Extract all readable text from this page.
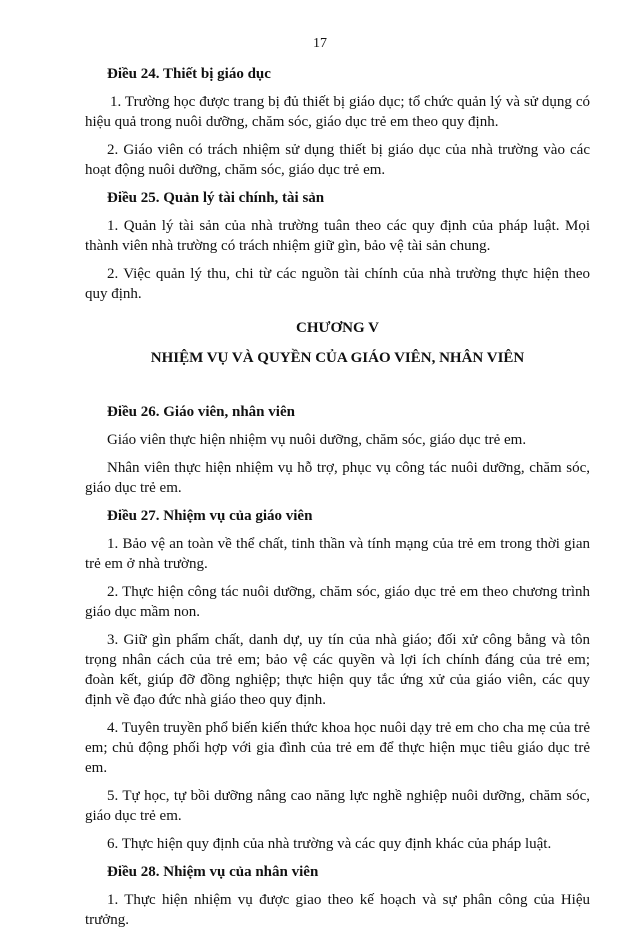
17
Điều 24. Thiết bị giáo dục

1. Trường học được trang bị đủ thiết bị giáo dục; tổ chức quản lý và sử dụng có hiệu quả trong nuôi dưỡng, chăm sóc, giáo dục trẻ em theo quy định.

2. Giáo viên có trách nhiệm sử dụng thiết bị giáo dục của nhà trường vào các hoạt động nuôi dưỡng, chăm sóc, giáo dục trẻ em.

Điều 25. Quản lý tài chính, tài sản

1. Quản lý tài sản của nhà trường tuân theo các quy định của pháp luật. Mọi thành viên nhà trường có trách nhiệm giữ gìn, bảo vệ tài sản chung.

2. Việc quản lý thu, chi từ các nguồn tài chính của nhà trường thực hiện theo quy định.

CHƯƠNG V
NHIỆM VỤ VÀ QUYỀN CỦA GIÁO VIÊN, NHÂN VIÊN
Điều 26. Giáo viên, nhân viên

Giáo viên thực hiện nhiệm vụ nuôi dưỡng, chăm sóc, giáo dục trẻ em.

Nhân viên thực hiện nhiệm vụ hỗ trợ, phục vụ công tác nuôi dưỡng, chăm sóc, giáo dục trẻ em.

Điều 27. Nhiệm vụ của giáo viên

1. Bảo vệ an toàn về thể chất, tinh thần và tính mạng của trẻ em trong thời gian trẻ em ở nhà trường.

2. Thực hiện công tác nuôi dưỡng, chăm sóc, giáo dục trẻ em theo chương trình giáo dục mầm non.

3. Giữ gìn phẩm chất, danh dự, uy tín của nhà giáo; đối xử công bằng và tôn trọng nhân cách của trẻ em; bảo vệ các quyền và lợi ích chính đáng của trẻ em; đoàn kết, giúp đỡ đồng nghiệp; thực hiện quy tắc ứng xử của giáo viên, các quy định về đạo đức nhà giáo theo quy định.

4. Tuyên truyền phổ biến kiến thức khoa học nuôi dạy trẻ em cho cha mẹ của trẻ em; chủ động phối hợp với gia đình của trẻ em để thực hiện mục tiêu giáo dục trẻ em.

5. Tự học, tự bồi dưỡng nâng cao năng lực nghề nghiệp nuôi dưỡng, chăm sóc, giáo dục trẻ em.

6. Thực hiện quy định của nhà trường và các quy định khác của pháp luật.

Điều 28. Nhiệm vụ của nhân viên

1. Thực hiện nhiệm vụ được giao theo kế hoạch và sự phân công của Hiệu trưởng.
